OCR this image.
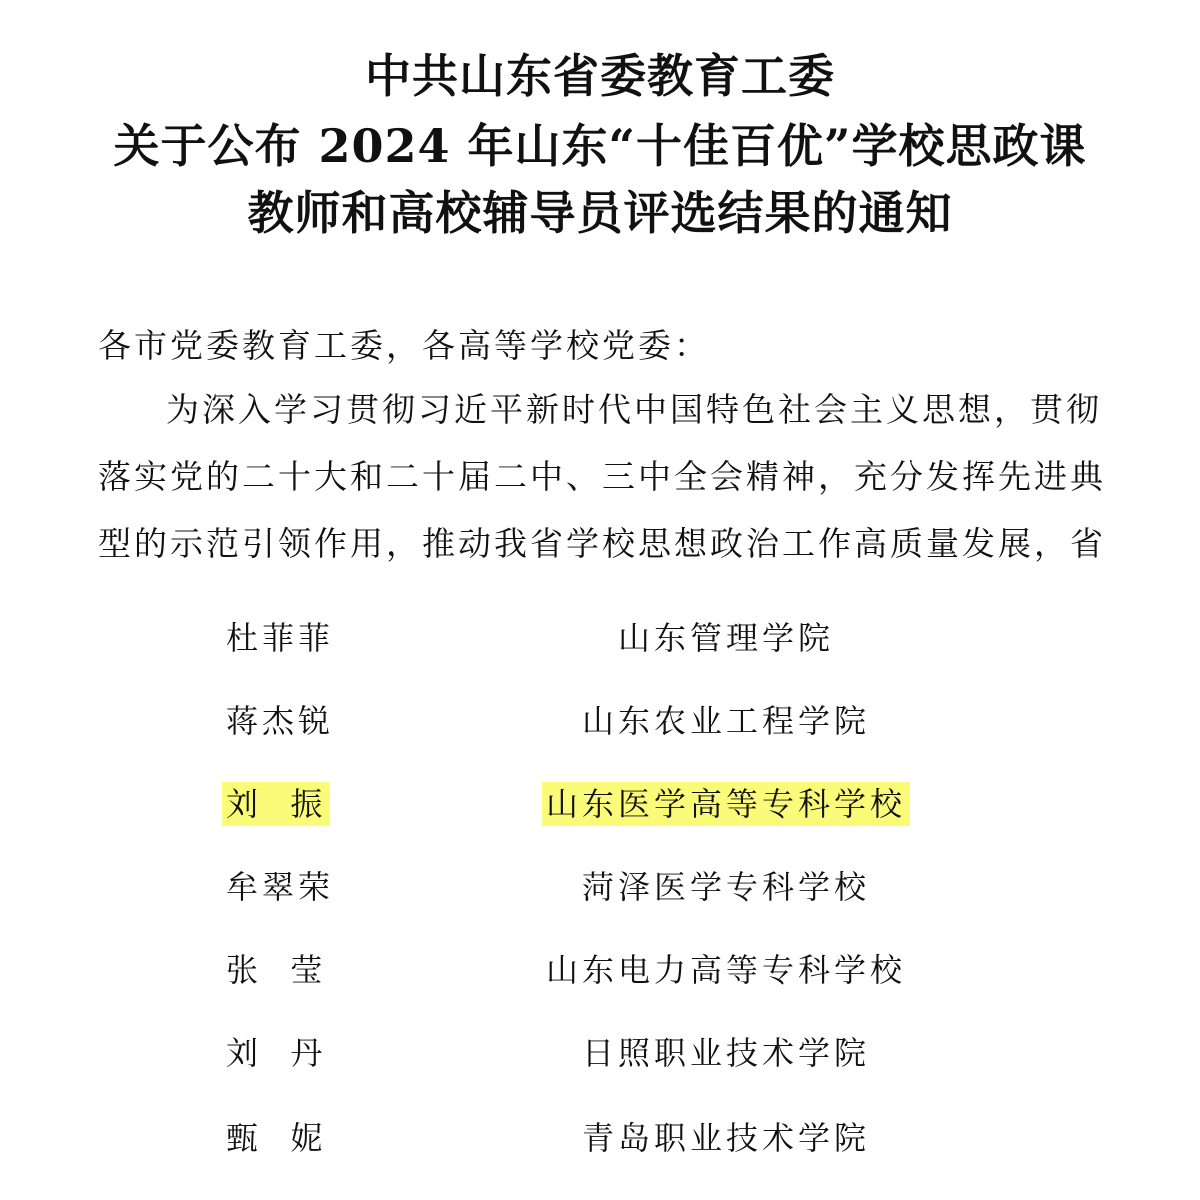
中共山东省委教育工委
关于公布 2024 年山东“十佳百优”学校思政课
教师和高校辅导员评选结果的通知
各市党委教育工委，各高等学校党委：
为深入学习贯彻习近平新时代中国特色社会主义思想，贯彻
落实党的二十大和二十届二中、三中全会精神，充分发挥先进典
型的示范引领作用，推动我省学校思想政治工作高质量发展，省
杜菲菲	山东管理学院
蒋杰锐	山东农业工程学院
刘  振	山东医学高等专科学校
牟翠荣	菏泽医学专科学校
张  莹	山东电力高等专科学校
刘  丹	日照职业技术学院
甄  妮	青岛职业技术学院
